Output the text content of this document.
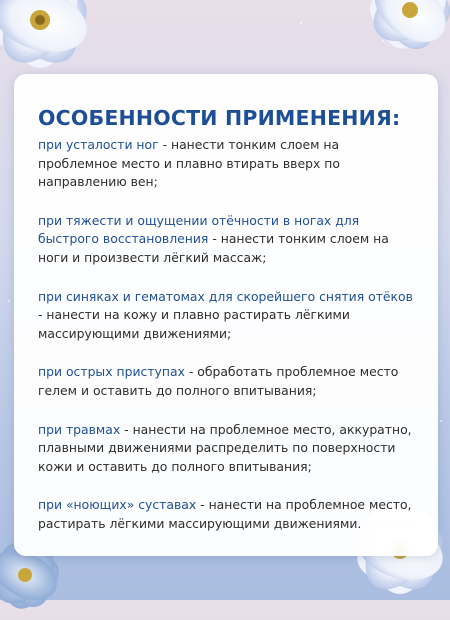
ОСОБЕННОСТИ ПРИМЕНЕНИЯ:

при усталости ног - нанести тонким слоем на проблемное место и плавно втирать вверх по направлению вен;

при тяжести и ощущении отёчности в ногах для быстрого восстановления - нанести тонким слоем на ноги и произвести лёгкий массаж;

при синяках и гематомах для скорейшего снятия отёков - нанести на кожу и плавно растирать лёгкими массирующими движениями;

при острых приступах - обработать проблемное место гелем и оставить до полного впитывания;

при травмах - нанести на проблемное место, аккуратно, плавными движениями распределить по поверхности кожи и оставить до полного впитывания;

при «ноющих» суставах - нанести на проблемное место, растирать лёгкими массирующими движениями.
